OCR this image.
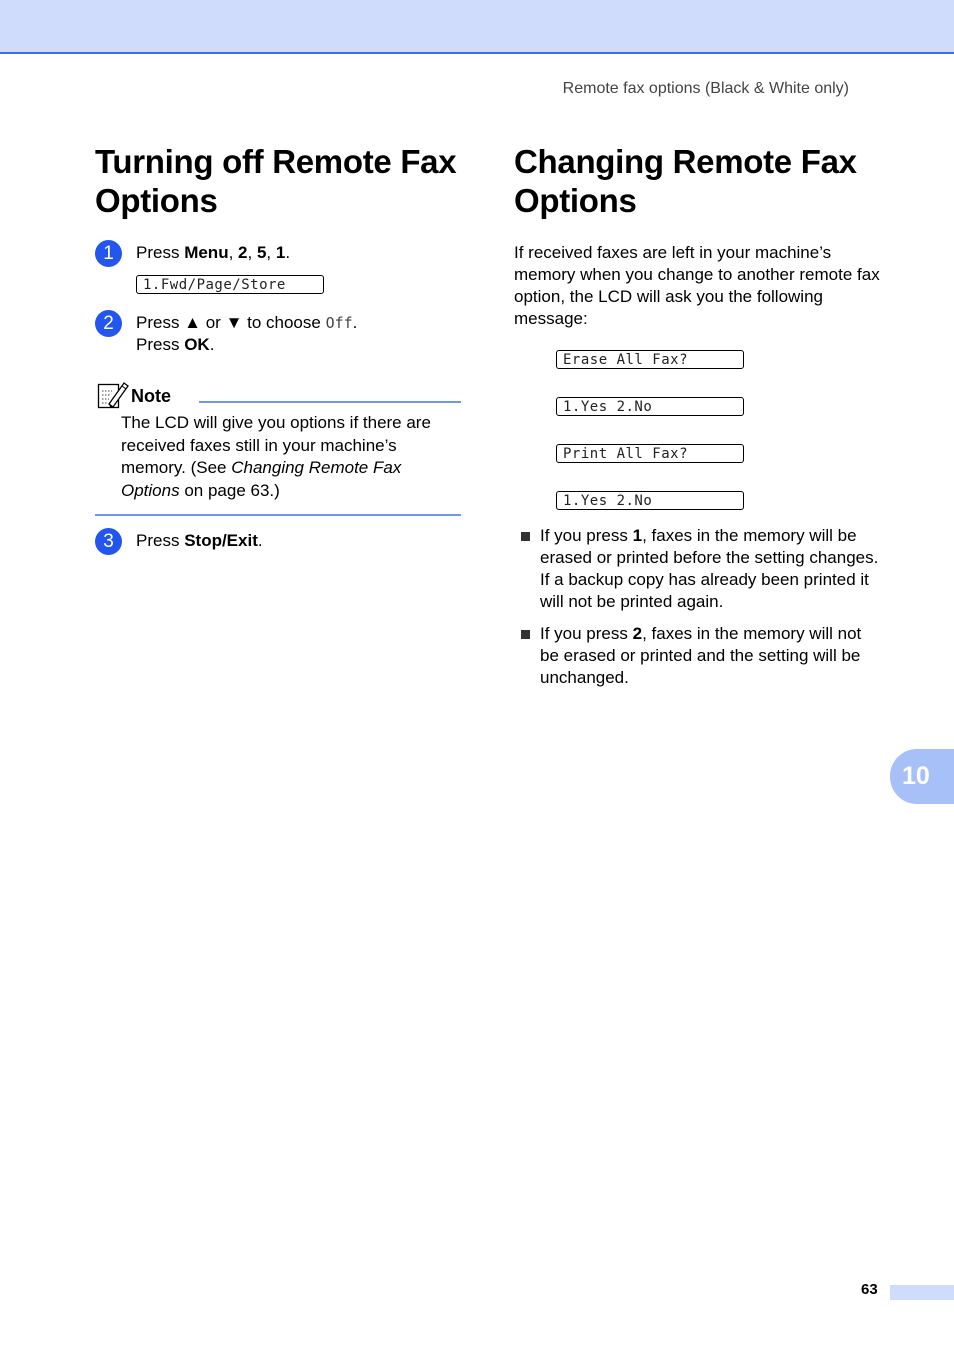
Remote fax options (Black & White only)
Turning off Remote Fax Options
1	Press Menu, 2, 5, 1.
1.Fwd/Page/Store
2	Press ▲ or ▼ to choose Off.
Press OK.
Note
The LCD will give you options if there are received faxes still in your machine’s memory. (See Changing Remote Fax Options on page 63.)
3	Press Stop/Exit.
Changing Remote Fax Options
If received faxes are left in your machine’s memory when you change to another remote fax option, the LCD will ask you the following message:
Erase All Fax?
1.Yes 2.No
Print All Fax?
1.Yes 2.No
If you press 1, faxes in the memory will be erased or printed before the setting changes. If a backup copy has already been printed it will not be printed again.
If you press 2, faxes in the memory will not be erased or printed and the setting will be unchanged.
10
63
